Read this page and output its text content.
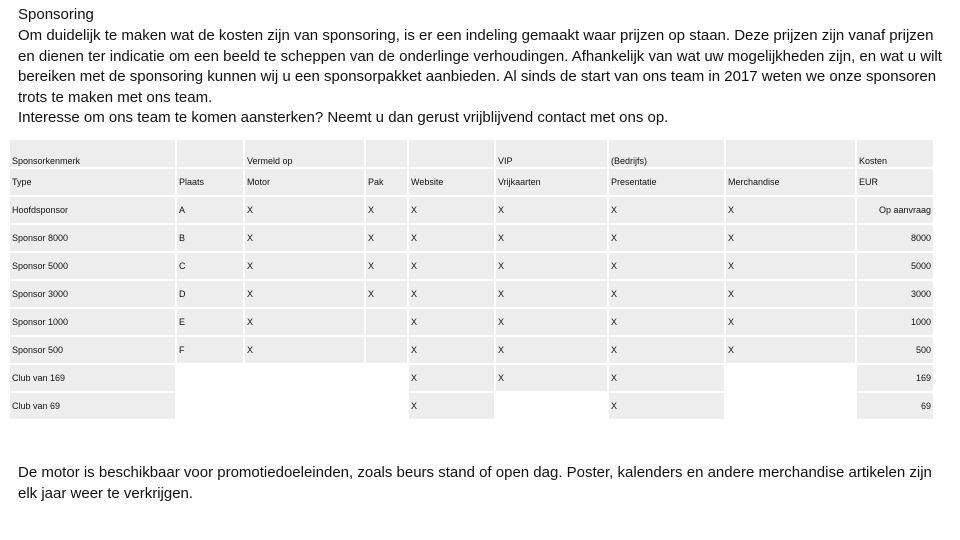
Sponsoring
Om duidelijk te maken wat de kosten zijn van sponsoring, is er een indeling gemaakt waar prijzen op staan. Deze prijzen zijn vanaf prijzen en dienen ter indicatie om een beeld te scheppen van de onderlinge verhoudingen. Afhankelijk van wat uw mogelijkheden zijn, en wat u wilt bereiken met de sponsoring kunnen wij u een sponsorpakket aanbieden. Al sinds de start van ons team in 2017 weten we onze sponsoren trots te maken met ons team.
Interesse om ons team te komen aansterken? Neemt u dan gerust vrijblijvend contact met ons op.
Sponsorkenmerk		Vermeld op			VIP	(Bedrijfs)		Kosten
Type	Plaats	Motor	Pak	Website	Vrijkaarten	Presentatie	Merchandise	EUR
Hoofdsponsor	A	X	X	X	X	X	X	Op aanvraag
Sponsor 8000	B	X	X	X	X	X	X	8000
Sponsor 5000	C	X	X	X	X	X	X	5000
Sponsor 3000	D	X	X	X	X	X	X	3000
Sponsor 1000	E	X		X	X	X	X	1000
Sponsor 500	F	X		X	X	X	X	500
Club van 169				X	X	X		169
Club van 69				X		X		69
De motor is beschikbaar voor promotiedoeleinden, zoals beurs stand of open dag. Poster, kalenders en andere merchandise artikelen zijn elk jaar weer te verkrijgen.
